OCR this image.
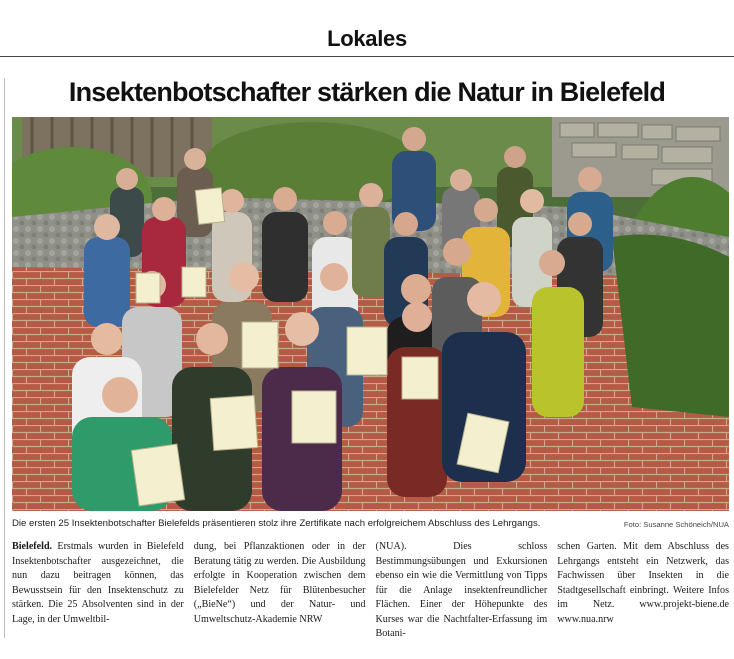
Lokales
Insektenbotschafter stärken die Natur in Bielefeld
Die ersten 25 Insektenbotschafter Bielefelds präsentieren stolz ihre Zertifikate nach erfolgreichem Abschluss des Lehrgangs.	Foto: Susanne Schöneich/NUA
Bielefeld. Erstmals wurden in Bielefeld Insektenbotschafter ausgezeichnet, die nun dazu beitragen können, das Bewusstsein für den Insektenschutz zu stärken. Die 25 Absolventen sind in der Lage, in der Umweltbil-
dung, bei Pflanzaktionen oder in der Beratung tätig zu werden. Die Ausbildung erfolgte in Kooperation zwischen dem Bielefelder Netz für Blütenbesucher („BieNe“) und der Natur- und Umweltschutz-Akademie NRW
(NUA). Dies schloss Bestimmungsübungen und Exkursionen ebenso ein wie die Vermittlung von Tipps für die Anlage insektenfreundlicher Flächen. Einer der Höhepunkte des Kurses war die Nachtfalter-Erfassung im Botani-
schen Garten. Mit dem Abschluss des Lehrgangs entsteht ein Netzwerk, das Fachwissen über Insekten in die Stadtgesellschaft einbringt. Weitere Infos im Netz. www.projekt-biene.de www.nua.nrw
